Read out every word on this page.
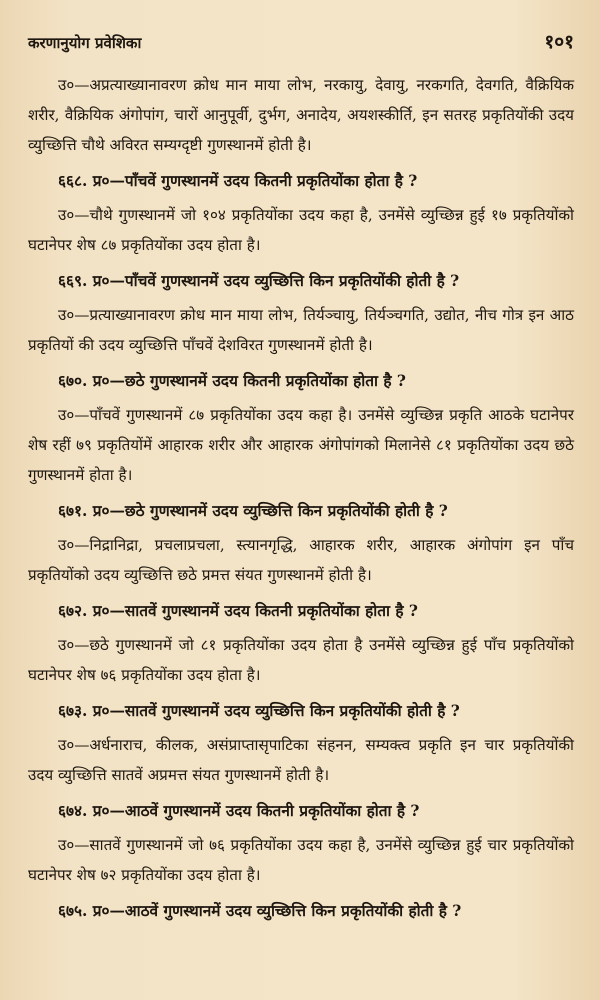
करणानुयोग प्रवेशिका	१०१

उ०—अप्रत्याख्यानावरण क्रोध मान माया लोभ, नरकायु, देवायु, नरकगति, देवगति, वैक्रियिक शरीर, वैक्रियिक अंगोपांग, चारों आनुपूर्वी, दुर्भग, अनादेय, अयशस्कीर्ति, इन सतरह प्रकृतियोंकी उदय व्युच्छित्ति चौथे अविरत सम्यग्दृष्टी गुणस्थानमें होती है।

६६८. प्र०—पाँचवें गुणस्थानमें उदय कितनी प्रकृतियोंका होता है ?

उ०—चौथे गुणस्थानमें जो १०४ प्रकृतियोंका उदय कहा है, उनमेंसे व्युच्छिन्न हुई १७ प्रकृतियोंको घटानेपर शेष ८७ प्रकृतियोंका उदय होता है।

६६९. प्र०—पाँचवें गुणस्थानमें उदय व्युच्छित्ति किन प्रकृतियोंकी होती है ?

उ०—प्रत्याख्यानावरण क्रोध मान माया लोभ, तिर्यञ्चायु, तिर्यञ्चगति, उद्योत, नीच गोत्र इन आठ प्रकृतियों की उदय व्युच्छित्ति पाँचवें देशविरत गुणस्थानमें होती है।

६७०. प्र०—छठे गुणस्थानमें उदय कितनी प्रकृतियोंका होता है ?

उ०—पाँचवें गुणस्थानमें ८७ प्रकृतियोंका उदय कहा है। उनमेंसे व्युच्छिन्न प्रकृति आठके घटानेपर शेष रहीं ७९ प्रकृतियोंमें आहारक शरीर और आहारक अंगोपांगको मिलानेसे ८१ प्रकृतियोंका उदय छठे गुणस्थानमें होता है।

६७१. प्र०—छठे गुणस्थानमें उदय व्युच्छित्ति किन प्रकृतियोंकी होती है ?

उ०—निद्रानिद्रा, प्रचलाप्रचला, स्त्यानगृद्धि, आहारक शरीर, आहारक अंगोपांग इन पाँच प्रकृतियोंको उदय व्युच्छित्ति छठे प्रमत्त संयत गुणस्थानमें होती है।

६७२. प्र०—सातवें गुणस्थानमें उदय कितनी प्रकृतियोंका होता है ?

उ०—छठे गुणस्थानमें जो ८१ प्रकृतियोंका उदय होता है उनमेंसे व्युच्छिन्न हुई पाँच प्रकृतियोंको घटानेपर शेष ७६ प्रकृतियोंका उदय होता है।

६७३. प्र०—सातवें गुणस्थानमें उदय व्युच्छित्ति किन प्रकृतियोंकी होती है ?

उ०—अर्धनाराच, कीलक, असंप्राप्तासृपाटिका संहनन, सम्यक्त्व प्रकृति इन चार प्रकृतियोंकी उदय व्युच्छित्ति सातवें अप्रमत्त संयत गुणस्थानमें होती है।

६७४. प्र०—आठवें गुणस्थानमें उदय कितनी प्रकृतियोंका होता है ?

उ०—सातवें गुणस्थानमें जो ७६ प्रकृतियोंका उदय कहा है, उनमेंसे व्युच्छिन्न हुई चार प्रकृतियोंको घटानेपर शेष ७२ प्रकृतियोंका उदय होता है।

६७५. प्र०—आठवें गुणस्थानमें उदय व्युच्छित्ति किन प्रकृतियोंकी होती है ?
